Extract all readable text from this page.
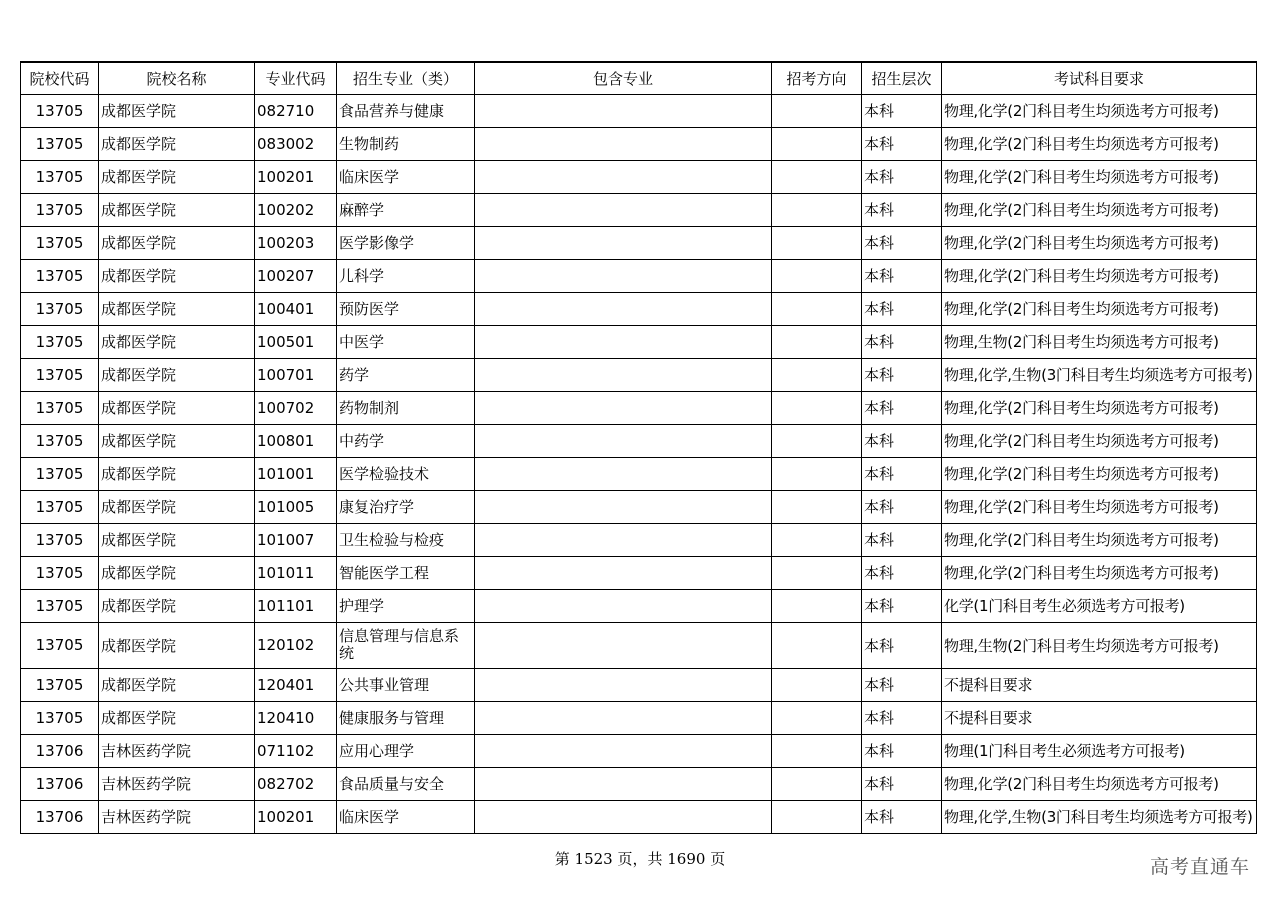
院校代码	院校名称	专业代码	招生专业（类）	包含专业	招考方向	招生层次	考试科目要求
13705	成都医学院	082710	食品营养与健康			本科	物理,化学(2门科目考生均须选考方可报考)
13705	成都医学院	083002	生物制药			本科	物理,化学(2门科目考生均须选考方可报考)
13705	成都医学院	100201	临床医学			本科	物理,化学(2门科目考生均须选考方可报考)
13705	成都医学院	100202	麻醉学			本科	物理,化学(2门科目考生均须选考方可报考)
13705	成都医学院	100203	医学影像学			本科	物理,化学(2门科目考生均须选考方可报考)
13705	成都医学院	100207	儿科学			本科	物理,化学(2门科目考生均须选考方可报考)
13705	成都医学院	100401	预防医学			本科	物理,化学(2门科目考生均须选考方可报考)
13705	成都医学院	100501	中医学			本科	物理,生物(2门科目考生均须选考方可报考)
13705	成都医学院	100701	药学			本科	物理,化学,生物(3门科目考生均须选考方可报考)
13705	成都医学院	100702	药物制剂			本科	物理,化学(2门科目考生均须选考方可报考)
13705	成都医学院	100801	中药学			本科	物理,化学(2门科目考生均须选考方可报考)
13705	成都医学院	101001	医学检验技术			本科	物理,化学(2门科目考生均须选考方可报考)
13705	成都医学院	101005	康复治疗学			本科	物理,化学(2门科目考生均须选考方可报考)
13705	成都医学院	101007	卫生检验与检疫			本科	物理,化学(2门科目考生均须选考方可报考)
13705	成都医学院	101011	智能医学工程			本科	物理,化学(2门科目考生均须选考方可报考)
13705	成都医学院	101101	护理学			本科	化学(1门科目考生必须选考方可报考)
13705	成都医学院	120102	信息管理与信息系统			本科	物理,生物(2门科目考生均须选考方可报考)
13705	成都医学院	120401	公共事业管理			本科	不提科目要求
13705	成都医学院	120410	健康服务与管理			本科	不提科目要求
13706	吉林医药学院	071102	应用心理学			本科	物理(1门科目考生必须选考方可报考)
13706	吉林医药学院	082702	食品质量与安全			本科	物理,化学(2门科目考生均须选考方可报考)
13706	吉林医药学院	100201	临床医学			本科	物理,化学,生物(3门科目考生均须选考方可报考)
第 1523 页，共 1690 页	高考直通车
